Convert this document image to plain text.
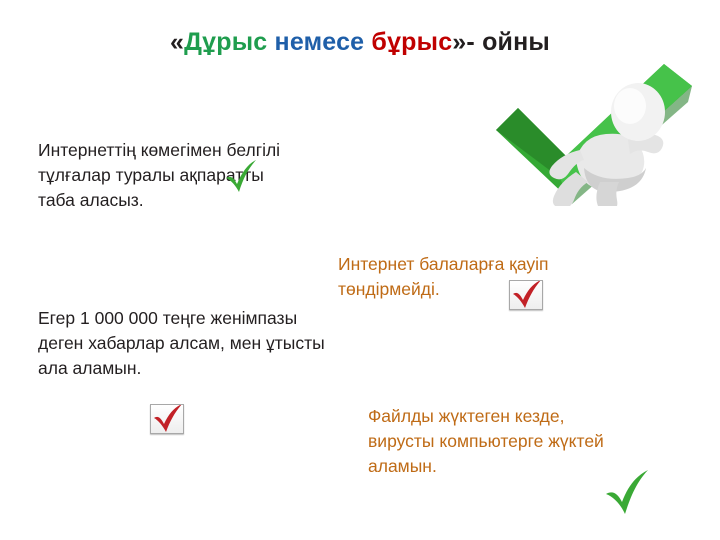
«Дұрыс немесе бұрыс»- ойны
Интернеттің көмегімен белгілі тұлғалар туралы ақпаратты таба аласыз.
Интернет балаларға қауіп төндірмейді.
Егер 1 000 000 теңге женімпазы деген хабарлар алсам, мен ұтысты ала аламын.
Файлды жүктеген кезде, вирусты компьютерге жүктей аламын.
